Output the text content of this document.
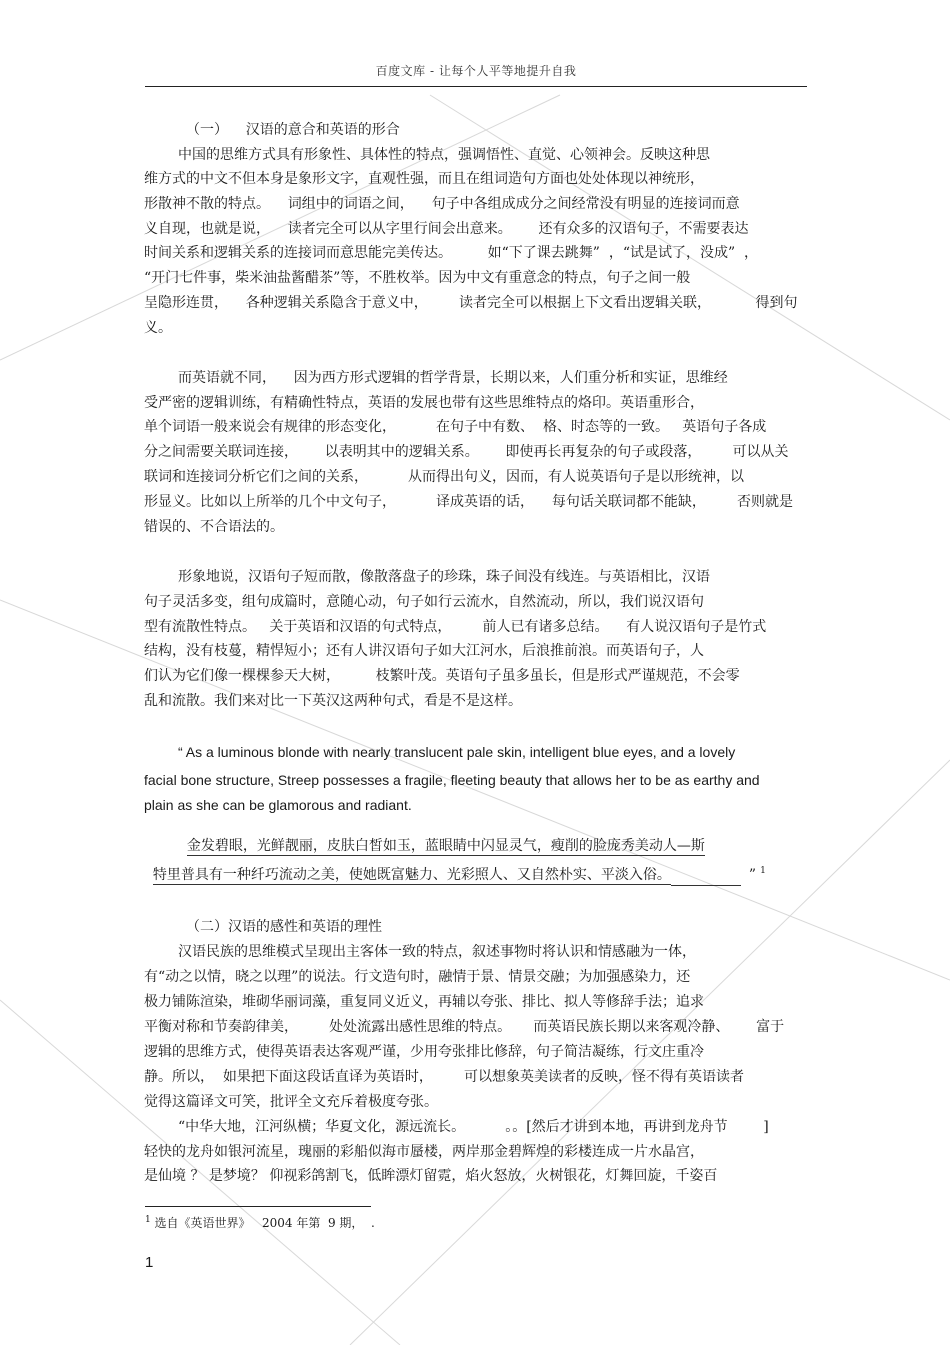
百度文库 - 让每个人平等地提升自我
（一）    汉语的意合和英语的形合
中国的思维方式具有形象性、具体性的特点，强调悟性、直觉、心领神会。反映这种思
维方式的中文不但本身是象形文字，直观性强，而且在组词造句方面也处处体现以神统形，
形散神不散的特点。    词组中的词语之间，    句子中各组成成分之间经常没有明显的连接词而意
义自现，也就是说，    读者完全可以从字里行间会出意来。      还有众多的汉语句子，不需要表达
时间关系和逻辑关系的连接词而意思能完美传达。        如“下了课去跳舞”  ，“试是试了，没成”  ，
“开门七件事，柴米油盐酱醋茶”等，不胜枚举。因为中文有重意念的特点，句子之间一般
呈隐形连贯，    各种逻辑关系隐含于意义中，       读者完全可以根据上下文看出逻辑关联，          得到句
义。
而英语就不同，    因为西方形式逻辑的哲学背景，长期以来，人们重分析和实证，思维经
受严密的逻辑训练，有精确性特点，英语的发展也带有这些思维特点的烙印。英语重形合，
单个词语一般来说会有规律的形态变化，         在句子中有数、  格、时态等的一致。   英语句子各成
分之间需要关联词连接，      以表明其中的逻辑关系。      即使再长再复杂的句子或段落，       可以从关
联词和连接词分析它们之间的关系，         从而得出句义，因而，有人说英语句子是以形统神，以
形显义。比如以上所举的几个中文句子，         译成英语的话，    每句话关联词都不能缺，       否则就是
错误的、不合语法的。
形象地说，汉语句子短而散，像散落盘子的珍珠，珠子间没有线连。与英语相比，汉语
句子灵活多变，组句成篇时，意随心动，句子如行云流水，自然流动，所以，我们说汉语句
型有流散性特点。   关于英语和汉语的句式特点，       前人已有诸多总结。    有人说汉语句子是竹式
结构，没有枝蔓，精悍短小；还有人讲汉语句子如大江河水，后浪推前浪。而英语句子，人
们认为它们像一棵棵参天大树，        枝繁叶茂。英语句子虽多虽长，但是形式严谨规范，不会零
乱和流散。我们来对比一下英汉这两种句式，看是不是这样。
“ As a luminous blonde with nearly translucent pale skin, intelligent blue eyes, and a lovely
facial bone structure, Streep possesses a fragile, fleeting beauty that allows her to be as earthy and
plain as she can be glamorous and radiant.

金发碧眼，光鲜靓丽，皮肤白皙如玉，蓝眼睛中闪显灵气，瘦削的脸庞秀美动人—斯

特里普具有一种纤巧流动之美，使她既富魅力、光彩照人、又自然朴实、平淡入俗。	” $^1$

（二）汉语的感性和英语的理性
汉语民族的思维模式呈现出主客体一致的特点，叙述事物时将认识和情感融为一体，
有“动之以情，晓之以理”的说法。行文造句时，融情于景、情景交融；为加强感染力，还
极力铺陈渲染，堆砌华丽词藻，重复同义近义，再辅以夸张、排比、拟人等修辞手法；追求
平衡对称和节奏韵律美，       处处流露出感性思维的特点。     而英语民族长期以来客观冷静、      富于
逻辑的思维方式，使得英语表达客观严谨，少用夸张排比修辞，句子简洁凝练，行文庄重冷
静。所以，  如果把下面这段话直译为英语时，       可以想象英美读者的反映，怪不得有英语读者
觉得这篇译文可笑，批评全文充斥着极度夸张。
“中华大地，江河纵横；华夏文化，源远流长。         。。[然后才讲到本地，再讲到龙舟节        ]
轻快的龙舟如银河流星，瑰丽的彩船似海市蜃楼，两岸那金碧辉煌的彩楼连成一片水晶宫，
是仙境 ？ 是梦境？ 仰视彩鸽割飞，低眸漂灯留霓，焰火怒放，火树银花，灯舞回旋，千姿百
$^1$ 选自《英语世界》   2004 年第  9 期，  .
1
